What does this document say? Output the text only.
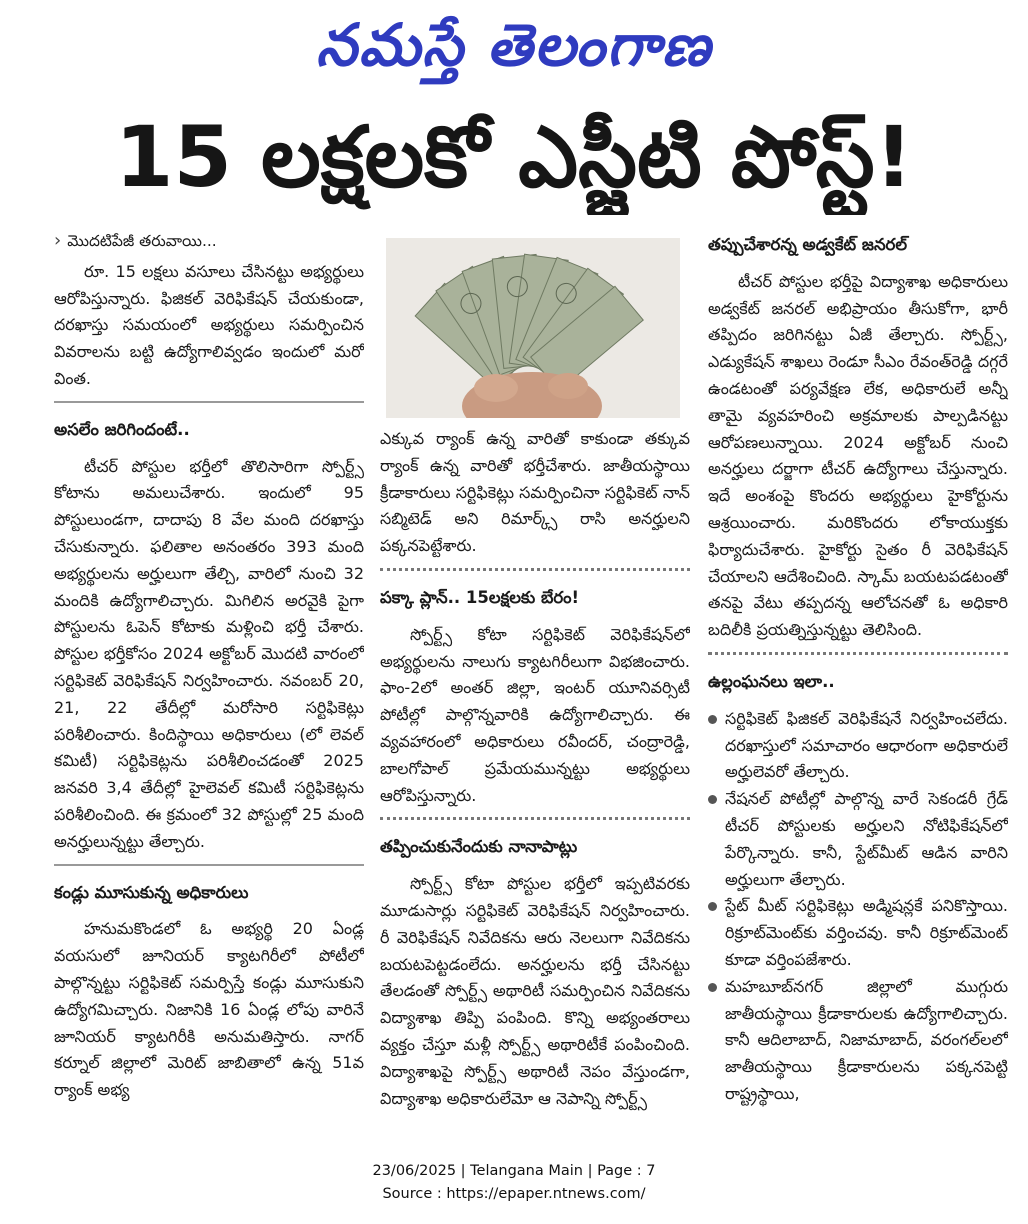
నమస్తే తెలంగాణ
15 లక్షలకో ఎస్జీటి పోస్ట్!
› మొదటిపేజీ తరువాయి...

రూ. 15 లక్షలు వసూలు చేసినట్టు అభ్యర్థులు ఆరోపిస్తున్నారు. ఫిజికల్ వెరిఫికేషన్ చేయకుండా, దరఖాస్తు సమయంలో అభ్యర్థులు సమర్పించిన వివరాలను బట్టి ఉద్యోగాలివ్వడం ఇందులో మరో వింత.

అసలేం జరిగిందంటే..

టీచర్ పోస్టుల భర్తీలో తొలిసారిగా స్పోర్ట్స్ కోటాను అమలుచేశారు. ఇందులో 95 పోస్టులుండగా, దాదాపు 8 వేల మంది దరఖాస్తు చేసుకున్నారు. ఫలితాల అనంతరం 393 మంది అభ్యర్థులను అర్హులుగా తేల్చి, వారిలో నుంచి 32 మందికి ఉద్యోగాలిచ్చారు. మిగిలిన అరవైకి పైగా పోస్టులను ఓపెన్ కోటాకు మళ్లించి భర్తీ చేశారు. పోస్టుల భర్తీకోసం 2024 అక్టోబర్ మొదటి వారంలో సర్టిఫికెట్ వెరిఫికేషన్ నిర్వహించారు. నవంబర్ 20, 21, 22 తేదీల్లో మరోసారి సర్టిఫికెట్లు పరిశీలించారు. కిందిస్థాయి అధికారులు (లో లెవల్ కమిటీ) సర్టిఫికెట్లను పరిశీలించడంతో 2025 జనవరి 3,4 తేదీల్లో హైలెవల్ కమిటీ సర్టిఫికెట్లను పరిశీలించింది. ఈ క్రమంలో 32 పోస్టుల్లో 25 మంది అనర్హులున్నట్టు తేల్చారు.

కండ్లు మూసుకున్న అధికారులు

హనుమకొండలో ఓ అభ్యర్థి 20 ఏండ్ల వయసులో జూనియర్ క్యాటగిరీలో పోటీలో పాల్గొన్నట్టు సర్టిఫికెట్ సమర్పిస్తే కండ్లు మూసుకుని ఉద్యోగమిచ్చారు. నిజానికి 16 ఏండ్ల లోపు వారినే జూనియర్ క్యాటగిరీకి అనుమతిస్తారు. నాగర్ కర్నూల్ జిల్లాలో మెరిట్ జాబితాలో ఉన్న 51వ ర్యాంక్ అభ్య

ఎక్కువ ర్యాంక్ ఉన్న వారితో కాకుండా తక్కువ ర్యాంక్ ఉన్న వారితో భర్తీచేశారు. జాతీయస్థాయి క్రీడాకారులు సర్టిఫికెట్లు సమర్పించినా సర్టిఫికెట్ నాన్ సబ్మిటెడ్ అని రిమార్క్స్ రాసి అనర్హులని పక్కనపెట్టేశారు.

పక్కా ప్లాన్.. 15లక్షలకు బేరం!

స్పోర్ట్స్ కోటా సర్టిఫికెట్ వెరిఫికేషన్‌లో అభ్యర్థులను నాలుగు క్యాటగిరీలుగా విభజించారు. ఫాం-2లో అంతర్ జిల్లా, ఇంటర్ యూనివర్సిటీ పోటీల్లో పాల్గొన్నవారికి ఉద్యోగాలిచ్చారు. ఈ వ్యవహారంలో అధికారులు రవీందర్, చంద్రారెడ్డి, బాలగోపాల్ ప్రమేయమున్నట్టు అభ్యర్థులు ఆరోపిస్తున్నారు.

తప్పించుకునేందుకు నానాపాట్లు

స్పోర్ట్స్ కోటా పోస్టుల భర్తీలో ఇప్పటివరకు మూడుసార్లు సర్టిఫికెట్ వెరిఫికేషన్ నిర్వహించారు. రీ వెరిఫికేషన్ నివేదికను ఆరు నెలలుగా నివేదికను బయటపెట్టడంలేదు. అనర్హులను భర్తీ చేసినట్టు తేలడంతో స్పోర్ట్స్ అథారిటీ సమర్పించిన నివేదికను విద్యాశాఖ తిప్పి పంపింది. కొన్ని అభ్యంతరాలు వ్యక్తం చేస్తూ మళ్లీ స్పోర్ట్స్ అథారిటీకే పంపించింది. విద్యాశాఖపై స్పోర్ట్స్ అథారిటీ నెపం వేస్తుండగా, విద్యాశాఖ అధికారులేమో ఆ నెపాన్ని స్పోర్ట్స్

తప్పుచేశారన్న అడ్వకేట్ జనరల్

టీచర్ పోస్టుల భర్తీపై విద్యాశాఖ అధికారులు అడ్వకేట్ జనరల్ అభిప్రాయం తీసుకోగా, భారీ తప్పిదం జరిగినట్టు ఏజీ తేల్చారు. స్పోర్ట్స్, ఎడ్యుకేషన్ శాఖలు రెండూ సీఎం రేవంత్‌రెడ్డి దగ్గరే ఉండటంతో పర్యవేక్షణ లేక, అధికారులే అన్నీ తామై వ్యవహరించి అక్రమాలకు పాల్పడినట్టు ఆరోపణలున్నాయి. 2024 అక్టోబర్ నుంచి అనర్హులు దర్జాగా టీచర్ ఉద్యోగాలు చేస్తున్నారు. ఇదే అంశంపై కొందరు అభ్యర్థులు హైకోర్టును ఆశ్రయించారు. మరికొందరు లోకాయుక్తకు ఫిర్యాదుచేశారు. హైకోర్టు సైతం రీ వెరిఫికేషన్ చేయాలని ఆదేశించింది. స్కామ్ బయటపడటంతో తనపై వేటు తప్పదన్న ఆలోచనతో ఓ అధికారి బదిలీకి ప్రయత్నిస్తున్నట్టు తెలిసింది.

ఉల్లంఘనలు ఇలా..

సర్టిఫికెట్ ఫిజికల్ వెరిఫికేషనే నిర్వహించలేదు. దరఖాస్తులో సమాచారం ఆధారంగా అధికారులే అర్హులెవరో తేల్చారు.

నేషనల్ పోటీల్లో పాల్గొన్న వారే సెకండరీ గ్రేడ్ టీచర్ పోస్టులకు అర్హులని నోటిఫికేషన్‌లో పేర్కొన్నారు. కానీ, స్టేట్‌మీట్ ఆడిన వారిని అర్హులుగా తేల్చారు.

స్టేట్ మీట్ సర్టిఫికెట్లు అడ్మిషన్లకే పనికొస్తాయి. రిక్రూట్‌మెంట్‌కు వర్తించవు. కానీ రిక్రూట్‌మెంట్ కూడా వర్తింపజేశారు.

మహబూబ్‌నగర్ జిల్లాలో ముగ్గురు జాతీయస్థాయి క్రీడాకారులకు ఉద్యోగాలిచ్చారు. కానీ ఆదిలాబాద్, నిజామాబాద్, వరంగల్‌లలో జాతీయస్థాయి క్రీడాకారులను పక్కనపెట్టి రాష్ట్రస్థాయి,

23/06/2025 | Telangana Main | Page : 7
Source : https://epaper.ntnews.com/
